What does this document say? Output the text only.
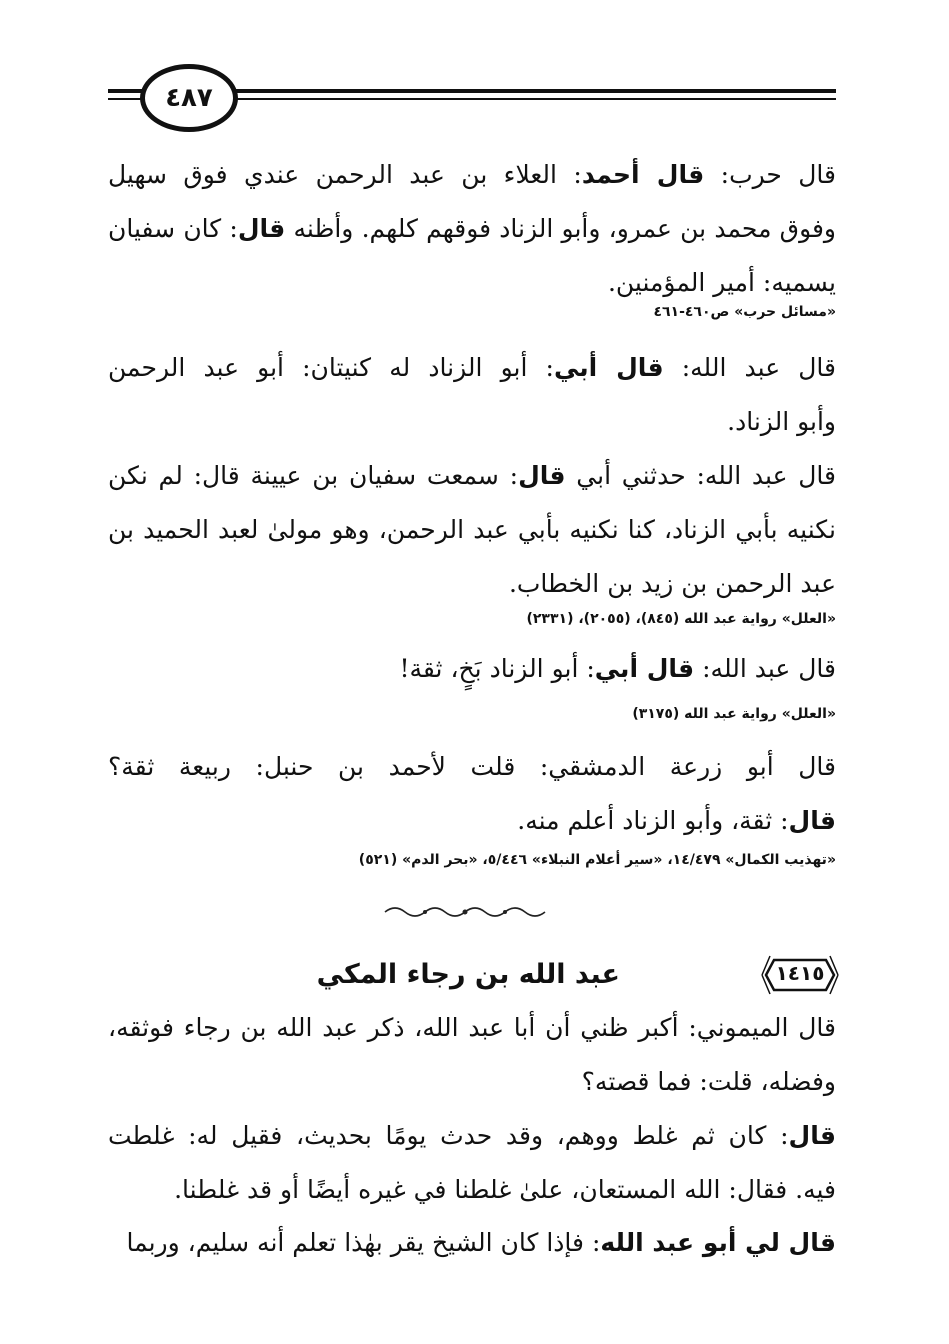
٤٨٧
قال حرب: قال أحمد: العلاء بن عبد الرحمن عندي فوق سهيل
وفوق محمد بن عمرو، وأبو الزناد فوقهم كلهم. وأظنه قال: كان سفيان
يسميه: أمير المؤمنين.
«مسائل حرب» ص٤٦٠-٤٦١
قال عبد الله: قال أبي: أبو الزناد له كنيتان: أبو عبد الرحمن
وأبو الزناد.
قال عبد الله: حدثني أبي قال: سمعت سفيان بن عيينة قال: لم نكن
نكنيه بأبي الزناد، كنا نكنيه بأبي عبد الرحمن، وهو مولىٰ لعبد الحميد بن
عبد الرحمن بن زيد بن الخطاب.
«العلل» رواية عبد الله (٨٤٥)، (٢٠٥٥)، (٢٣٣١)
قال عبد الله: قال أبي: أبو الزناد بَخٍ، ثقة!
«العلل» رواية عبد الله (٣١٧٥)
قال أبو زرعة الدمشقي: قلت لأحمد بن حنبل: ربيعة ثقة؟
قال: ثقة، وأبو الزناد أعلم منه.
«تهذيب الكمال» ١٤/٤٧٩، «سير أعلام النبلاء» ٥/٤٤٦، «بحر الدم» (٥٢١)
قال الميموني: أكبر ظني أن أبا عبد الله، ذكر عبد الله بن رجاء فوثقه،
وفضله، قلت: فما قصته؟
قال: كان ثم غلط ووهم، وقد حدث يومًا بحديث، فقيل له: غلطت
فيه. فقال: الله المستعان، علىٰ غلطنا في غيره أيضًا أو قد غلطنا.
قال لي أبو عبد الله: فإذا كان الشيخ يقر بهٰذا تعلم أنه سليم، وربما
١٤١٥
عبد الله بن رجاء المكي
